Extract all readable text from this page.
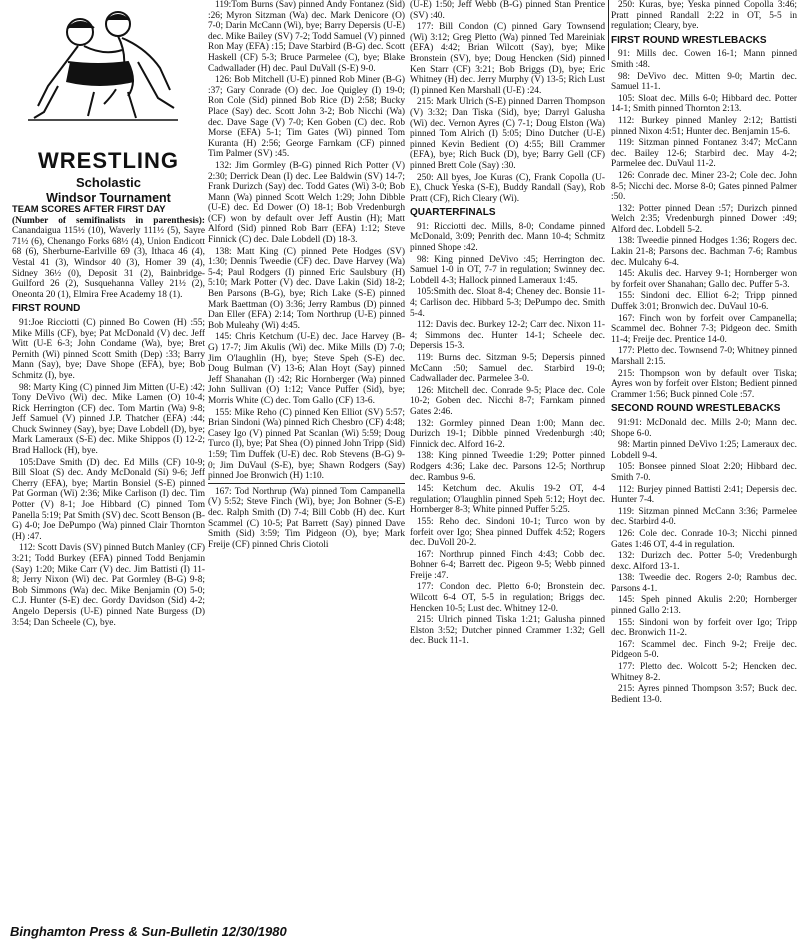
WRESTLING

Scholastic

Windsor Tournament

TEAM SCORES AFTER FIRST DAY

(Number of semifinalists in parenthesis): Canandaigua 115½ (10), Waverly 111½ (5), Sayre 71½ (6), Chenango Forks 68½ (4), Union Endicott 68 (6), Sherburne-Earlville 69 (3), Ithaca 46 (4), Vestal 41 (3), Windsor 40 (3), Homer 39 (4), Sidney 36½ (0), Deposit 31 (2), Bainbridge-Guilford 26 (2), Susquehanna Valley 21½ (2), Oneonta 20 (1), Elmira Free Academy 18 (1).

FIRST ROUND

91:Joe Ricciotti (C) pinned Bo Cowen (H) :55; Mike Mills (CF), bye; Pat McDonald (V) dec. Jeff Witt (U-E 6-3; John Condame (Wa), bye; Bret Pernith (Wi) pinned Scott Smith (Dep) :33; Barry Mann (Say), bye; Dave Shope (EFA), bye; Bob Schmitz (I), bye.

98: Marty King (C) pinned Jim Mitten (U-E) :42; Tony DeVivo (Wi) dec. Mike Lamen (O) 10-4; Rick Herrington (CF) dec. Tom Martin (Wa) 9-8; Jeff Samuel (V) pinned J.P. Thatcher (EFA) :44; Chuck Swinney (Say), bye; Dave Lobdell (D), bye; Mark Lameraux (S-E) dec. Mike Shippos (I) 12-2; Brad Hallock (H), bye.

105:Dave Smith (D) dec. Ed Mills (CF) 10-9; Bill Sloat (S) dec. Andy McDonald (Si) 9-6; Jeff Cherry (EFA), bye; Martin Bonsiel (S-E) pinned Pat Gorman (Wi) 2:36; Mike Carlison (I) dec. Tim Potter (V) 8-1; Joe Hibbard (C) pinned Tom Panella 5:19; Pat Smith (SV) dec. Scott Benson (B-G) 4-0; Joe DePumpo (Wa) pinned Clair Thornton (H) :47.

112: Scott Davis (SV) pinned Butch Manley (CF) 3:21; Todd Burkey (EFA) pinned Todd Benjamin (Say) 1:20; Mike Carr (V) dec. Jim Battisti (I) 11-8; Jerry Nixon (Wi) dec. Pat Gormley (B-G) 9-8; Bob Simmons (Wa) dec. Mike Benjamin (O) 5-0; C.J. Hunter (S-E) dec. Gordy Davidson (Sid) 4-2; Angelo Depersis (U-E) pinned Nate Burgess (D) 3:54; Dan Scheele (C), bye.

119:Tom Burns (Sav) pinned Andy Fontanez (Sid) :26; Myron Sitzman (Wa) dec. Mark Denicore (O) 7-0; Darin McCann (Wi), bye; Barry Depersis (U-E) dec. Mike Bailey (SV) 7-2; Todd Samuel (V) pinned Ron May (EFA) :15; Dave Starbird (B-G) dec. Scott Haskell (CF) 5-3; Bruce Parmelee (C), bye; Blake Cadwallader (H) dec. Paul DuVall (S-E) 9-0.

126: Bob Mitchell (U-E) pinned Rob Miner (B-G) :37; Gary Conrade (O) dec. Joe Quigley (I) 19-0; Ron Cole (Sid) pinned Bob Rice (D) 2:58; Bucky Place (Say) dec. Scott John 3-2; Bob Nicchi (Wa) dec. Dave Sage (V) 7-0; Ken Goben (C) dec. Rob Morse (EFA) 5-1; Tim Gates (Wi) pinned Tom Kuranta (H) 2:56; George Farnkam (CF) pinned Tim Palmer (SV) :45.

132: Jim Gormley (B-G) pinned Rich Potter (V) 2:30; Derrick Dean (I) dec. Lee Baldwin (SV) 14-7; Frank Durizch (Say) dec. Todd Gates (Wi) 3-0; Bob Mann (Wa) pinned Scott Welch 1:29; John Dibble (U-E) dec. Ed Dower (O) 18-1; Bob Vredenburgh (CF) won by default over Jeff Austin (H); Matt Alford (Sid) pinned Rob Barr (EFA) 1:12; Steve Finnick (C) dec. Dale Lobdell (D) 18-3.

138: Matt King (C) pinned Pete Hodges (SV) 1:30; Dennis Tweedie (CF) dec. Dave Harvey (Wa) 5-4; Paul Rodgers (I) pinned Eric Saulsbury (H) 5:10; Mark Potter (V) dec. Dave Lakin (Sid) 18-2; Ben Parsons (B-G), bye; Rich Lake (S-E) pinned Mark Baettman (O) 3:36; Jerry Rambus (D) pinned Dan Eller (EFA) 2:14; Tom Northrup (U-E) pinned Bob Muleahy (Wi) 4:45.

145: Chris Ketchum (U-E) dec. Jace Harvey (B-G) 17-7; Jim Akulis (Wi) dec. Mike Mills (D) 7-0; Jim O'laughlin (H), bye; Steve Speh (S-E) dec. Doug Bulman (V) 13-6; Alan Hoyt (Say) pinned Jeff Shanahan (I) :42; Ric Hornberger (Wa) pinned John Sullivan (O) 1:12; Vance Puffer (Sid), bye; Morris White (C) dec. Tom Gallo (CF) 13-6.

155: Mike Reho (C) pinned Ken Elliot (SV) 5:57; Brian Sindoni (Wa) pinned Rich Chesbro (CF) 4:48; Casey Igo (V) pinned Pat Scanlan (Wi) 5:59; Doug Turco (I), bye; Pat Shea (O) pinned John Tripp (Sid) 1:59; Tim Duffek (U-E) dec. Rob Stevens (B-G) 9-0; Jim DuVaul (S-E), bye; Shawn Rodgers (Say) pinned Joe Bronwich (H) 1:10.

167: Tod Northrup (Wa) pinned Tom Campanella (V) 5:52; Steve Finch (Wi), bye; Jon Bohner (S-E) dec. Ralph Smith (D) 7-4; Bill Cobb (H) dec. Kurt Scammel (C) 10-5; Pat Barrett (Say) pinned Dave Smith (Sid) 3:59; Tim Pidgeon (O), bye; Mark Freije (CF) pinned Chris Ciotoli

(U-E) 1:50; Jeff Webb (B-G) pinned Stan Prentice (SV) :40.

177: Bill Condon (C) pinned Gary Townsend (Wi) 3:12; Greg Pletto (Wa) pinned Ted Mareiniak (EFA) 4:42; Brian Wilcott (Say), bye; Mike Bronstein (SV), bye; Doug Hencken (Sid) pinned Ken Starr (CF) 3:21; Bob Briggs (D), bye; Eric Whitney (H) dec. Jerry Murphy (V) 13-5; Rich Lust (I) pinned Ken Marshall (U-E) :24.

215: Mark Ulrich (S-E) pinned Darren Thompson (V) 3:32; Dan Tiska (Sid), bye; Darryl Galusha (Wi) dec. Vernon Ayres (C) 7-1; Doug Elston (Wa) pinned Tom Alrich (I) 5:05; Dino Dutcher (U-E) pinned Kevin Bedient (O) 4:55; Bill Crammer (EFA), bye; Rich Buck (D), bye; Barry Gell (CF) pinned Brett Cole (Say) :30.

250: All byes, Joe Kuras (C), Frank Copolla (U-E), Chuck Yeska (S-E), Buddy Randall (Say), Rob Pratt (CF), Rich Cleary (Wi).

QUARTERFINALS

91: Ricciotti dec. Mills, 8-0; Condame pinned McDonald, 3:09; Penrith dec. Mann 10-4; Schmitz pinned Shope :42.

98: King pinned DeVivo :45; Herrington dec. Samuel 1-0 in OT, 7-7 in regulation; Swinney dec. Lobdell 4-3; Hallock pinned Lameraux 1:45.

105:Smith dec. Sloat 8-4; Cheney dec. Bonsie 11-4; Carlison dec. Hibbard 5-3; DePumpo dec. Smith 5-4.

112: Davis dec. Burkey 12-2; Carr dec. Nixon 11-4; Simmons dec. Hunter 14-1; Scheele dec. Depersis 15-3.

119: Burns dec. Sitzman 9-5; Depersis pinned McCann :50; Samuel dec. Starbird 19-0; Cadwallader dec. Parmelee 3-0.

126: Mitchell dec. Conrade 9-5; Place dec. Cole 10-2; Goben dec. Nicchi 8-7; Farnkam pinned Gates 2:46.

132: Gormley pinned Dean 1:00; Mann dec. Durizch 19-1; Dibble pinned Vredenburgh :40; Finnick dec. Alford 16-2.

138: King pinned Tweedie 1:29; Potter pinned Rodgers 4:36; Lake dec. Parsons 12-5; Northrup dec. Rambus 9-6.

145: Ketchum dec. Akulis 19-2 OT, 4-4 regulation; O'laughlin pinned Speh 5:12; Hoyt dec. Hornberger 8-3; White pinned Puffer 5:25.

155: Reho dec. Sindoni 10-1; Turco won by forfeit over Igo; Shea pinned Duffek 4:52; Rogers dec. DuVoll 20-2.

167: Northrup pinned Finch 4:43; Cobb dec. Bohner 6-4; Barrett dec. Pigeon 9-5; Webb pinned Freije :47.

177: Condon dec. Pletto 6-0; Bronstein dec. Wilcott 6-4 OT, 5-5 in regulation; Briggs dec. Hencken 10-5; Lust dec. Whitney 12-0.

215: Ulrich pinned Tiska 1:21; Galusha pinned Elston 3:52; Dutcher pinned Crammer 1:32; Gell dec. Buck 11-1.

250: Kuras, bye; Yeska pinned Copolla 3:46; Pratt pinned Randall 2:22 in OT, 5-5 in regulation; Cleary, bye.

FIRST ROUND WRESTLEBACKS

91: Mills dec. Cowen 16-1; Mann pinned Smith :48.

98: DeVivo dec. Mitten 9-0; Martin dec. Samuel 11-1.

105: Sloat dec. Mills 6-0; Hibbard dec. Potter 14-1; Smith pinned Thornton 2:13.

112: Burkey pinned Manley 2:12; Battisti pinned Nixon 4:51; Hunter dec. Benjamin 15-6.

119: Sitzman pinned Fontanez 3:47; McCann dec. Bailey 12-6; Starbird dec. May 4-2; Parmelee dec. DuVaul 11-2.

126: Conrade dec. Miner 23-2; Cole dec. John 8-5; Nicchi dec. Morse 8-0; Gates pinned Palmer :50.

132: Potter pinned Dean :57; Durizch pinned Welch 2:35; Vredenburgh pinned Dower :49; Alford dec. Lobdell 5-2.

138: Tweedie pinned Hodges 1:36; Rogers dec. Lakin 21-8; Parsons dec. Bachman 7-6; Rambus dec. Mulcahy 6-4.

145: Akulis dec. Harvey 9-1; Hornberger won by forfeit over Shanahan; Gallo dec. Puffer 5-3.

155: Sindoni dec. Elliot 6-2; Tripp pinned Duffek 3:01; Bronwich dec. DuVaul 10-6.

167: Finch won by forfeit over Campanella; Scammel dec. Bohner 7-3; Pidgeon dec. Smith 11-4; Freije dec. Prentice 14-0.

177: Pletto dec. Townsend 7-0; Whitney pinned Marshall 2:15.

215: Thompson won by default over Tiska; Ayres won by forfeit over Elston; Bedient pinned Crammer 1:56; Buck pinned Cole :57.

SECOND ROUND WRESTLEBACKS

91:91: McDonald dec. Mills 2-0; Mann dec. Shope 6-0.

98: Martin pinned DeVivo 1:25; Lameraux dec. Lobdell 9-4.

105: Bonsee pinned Sloat 2:20; Hibbard dec. Smith 7-0.

112: Burjey pinned Battisti 2:41; Depersis dec. Hunter 7-4.

119: Sitzman pinned McCann 3:36; Parmelee dec. Starbird 4-0.

126: Cole dec. Conrade 10-3; Nicchi pinned Gates 1:46 OT, 4-4 in regulation.

132: Durizch dec. Potter 5-0; Vredenburgh dexc. Alford 13-1.

138: Tweedie dec. Rogers 2-0; Rambus dec. Parsons 4-1.

145: Speh pinned Akulis 2:20; Hornberger pinned Gallo 2:13.

155: Sindoni won by forfeit over Igo; Tripp dec. Bronwich 11-2.

167: Scammel dec. Finch 9-2; Freije dec. Pidgeon 5-0.

177: Pletto dec. Wolcott 5-2; Hencken dec. Whitney 8-2.

215: Ayres pinned Thompson 3:57; Buck dec. Bedient 13-0.

Binghamton Press & Sun-Bulletin 12/30/1980
